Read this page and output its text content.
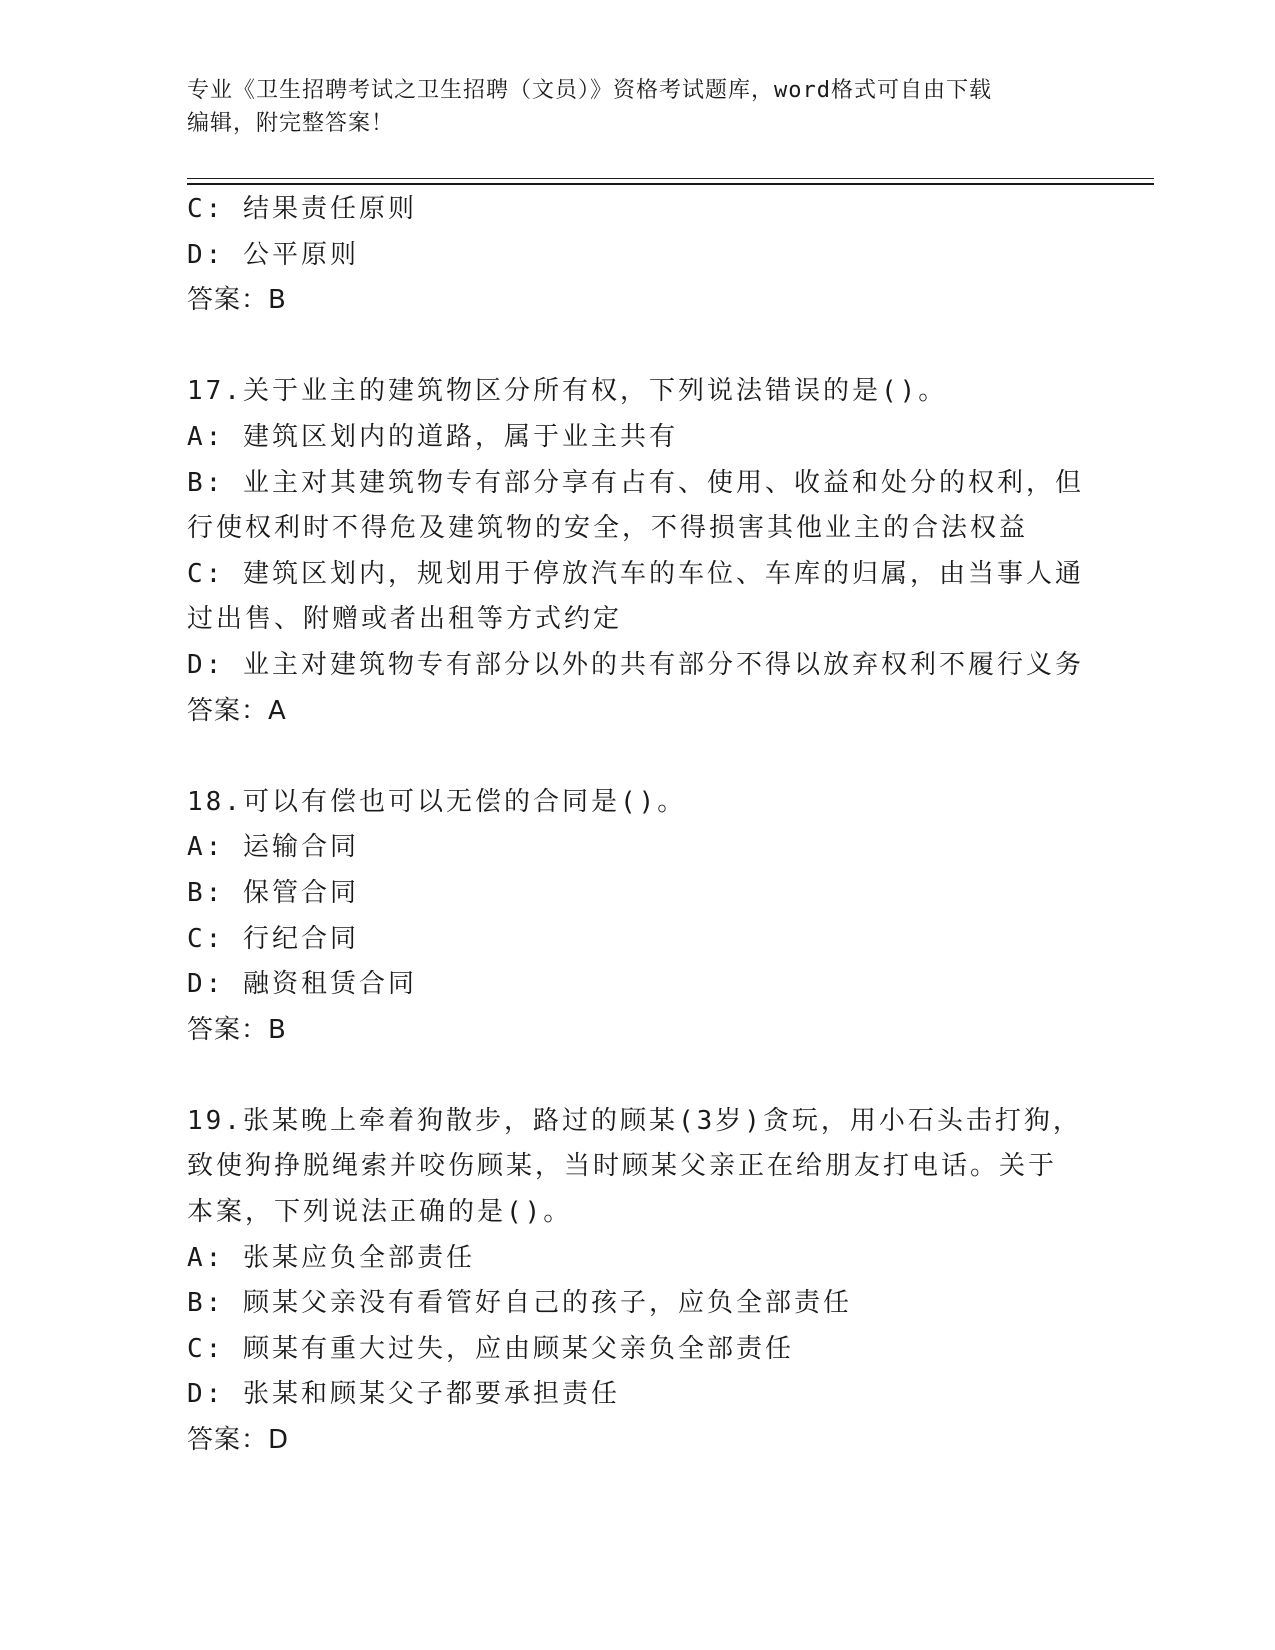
专业《卫生招聘考试之卫生招聘（文员）》资格考试题库，word格式可自由下载
编辑，附完整答案！

C: 结果责任原则

D: 公平原则

答案：B

17.关于业主的建筑物区分所有权，下列说法错误的是()。

A: 建筑区划内的道路，属于业主共有

B: 业主对其建筑物专有部分享有占有、使用、收益和处分的权利，但

行使权利时不得危及建筑物的安全，不得损害其他业主的合法权益

C: 建筑区划内，规划用于停放汽车的车位、车库的归属，由当事人通

过出售、附赠或者出租等方式约定

D: 业主对建筑物专有部分以外的共有部分不得以放弃权利不履行义务

答案：A

18.可以有偿也可以无偿的合同是()。

A: 运输合同

B: 保管合同

C: 行纪合同

D: 融资租赁合同

答案：B

19.张某晚上牵着狗散步，路过的顾某(3岁)贪玩，用小石头击打狗，

致使狗挣脱绳索并咬伤顾某，当时顾某父亲正在给朋友打电话。关于

本案，下列说法正确的是()。

A: 张某应负全部责任

B: 顾某父亲没有看管好自己的孩子，应负全部责任

C: 顾某有重大过失，应由顾某父亲负全部责任

D: 张某和顾某父子都要承担责任

答案：D
